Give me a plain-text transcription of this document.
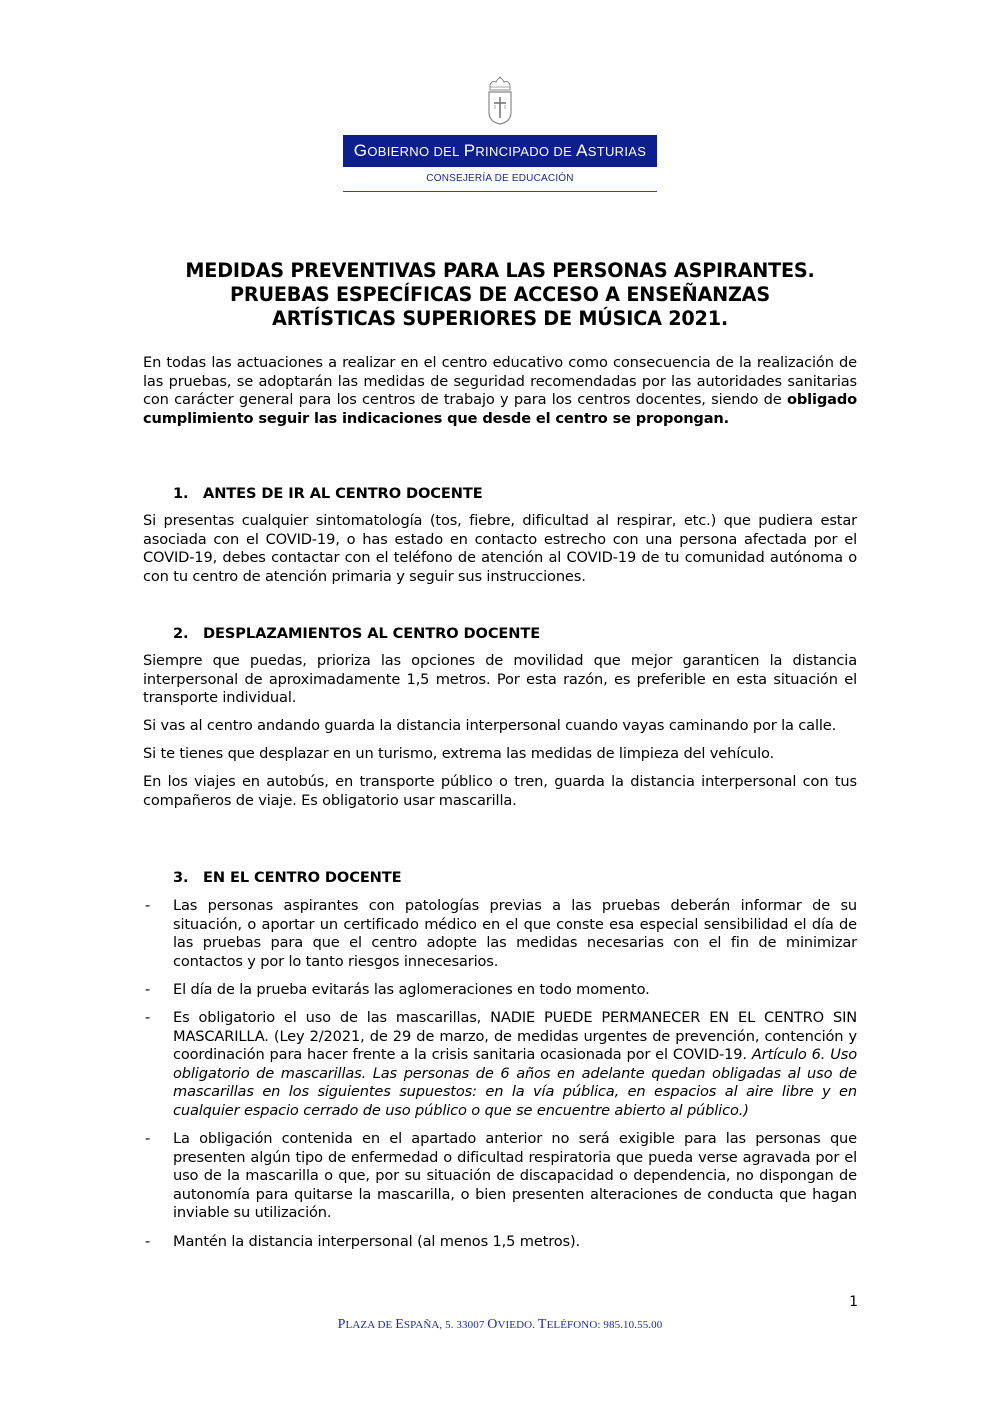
GOBIERNO
DEL
PRINCIPADO
DE
ASTURIAS
CONSEJERÍA DE EDUCACIÓN
MEDIDAS PREVENTIVAS PARA LAS PERSONAS ASPIRANTES.
PRUEBAS ESPECÍFICAS DE ACCESO A ENSEÑANZAS
ARTÍSTICAS SUPERIORES DE MÚSICA 2021.

En todas las actuaciones a realizar en el centro educativo como consecuencia de la realización de las pruebas, se adoptarán las medidas de seguridad recomendadas por las autoridades sanitarias con carácter general para los centros de trabajo y para los centros docentes, siendo de obligado cumplimiento seguir las indicaciones que desde el centro se propongan.

1. ANTES DE IR AL CENTRO DOCENTE

Si presentas cualquier sintomatología (tos, fiebre, dificultad al respirar, etc.) que pudiera estar asociada con el COVID-19, o has estado en contacto estrecho con una persona afectada por el COVID-19, debes contactar con el teléfono de atención al COVID-19 de tu comunidad autónoma o con tu centro de atención primaria y seguir sus instrucciones.

2. DESPLAZAMIENTOS AL CENTRO DOCENTE

Siempre que puedas, prioriza las opciones de movilidad que mejor garanticen la distancia interpersonal de aproximadamente 1,5 metros. Por esta razón, es preferible en esta situación el transporte individual.

Si vas al centro andando guarda la distancia interpersonal cuando vayas caminando por la calle.

Si te tienes que desplazar en un turismo, extrema las medidas de limpieza del vehículo.

En los viajes en autobús, en transporte público o tren, guarda la distancia interpersonal con tus compañeros de viaje. Es obligatorio usar mascarilla.

3. EN EL CENTRO DOCENTE
- Las personas aspirantes con patologías previas a las pruebas deberán informar de su situación, o aportar un certificado médico en el que conste esa especial sensibilidad el día de las pruebas para que el centro adopte las medidas necesarias con el fin de minimizar contactos y por lo tanto riesgos innecesarios.
- El día de la prueba evitarás las aglomeraciones en todo momento.
- Es obligatorio el uso de las mascarillas, NADIE PUEDE PERMANECER EN EL CENTRO SIN MASCARILLA. (Ley 2/2021, de 29 de marzo, de medidas urgentes de prevención, contención y coordinación para hacer frente a la crisis sanitaria ocasionada por el COVID-19. Artículo 6. Uso obligatorio de mascarillas. Las personas de 6 años en adelante quedan obligadas al uso de mascarillas en los siguientes supuestos: en la vía pública, en espacios al aire libre y en cualquier espacio cerrado de uso público o que se encuentre abierto al público.)
- La obligación contenida en el apartado anterior no será exigible para las personas que presenten algún tipo de enfermedad o dificultad respiratoria que pueda verse agravada por el uso de la mascarilla o que, por su situación de discapacidad o dependencia, no dispongan de autonomía para quitarse la mascarilla, o bien presenten alteraciones de conducta que hagan inviable su utilización.
- Mantén la distancia interpersonal (al menos 1,5 metros).
1
PLAZA DE ESPAÑA, 5. 33007 OVIEDO. TELÉFONO: 985.10.55.00
